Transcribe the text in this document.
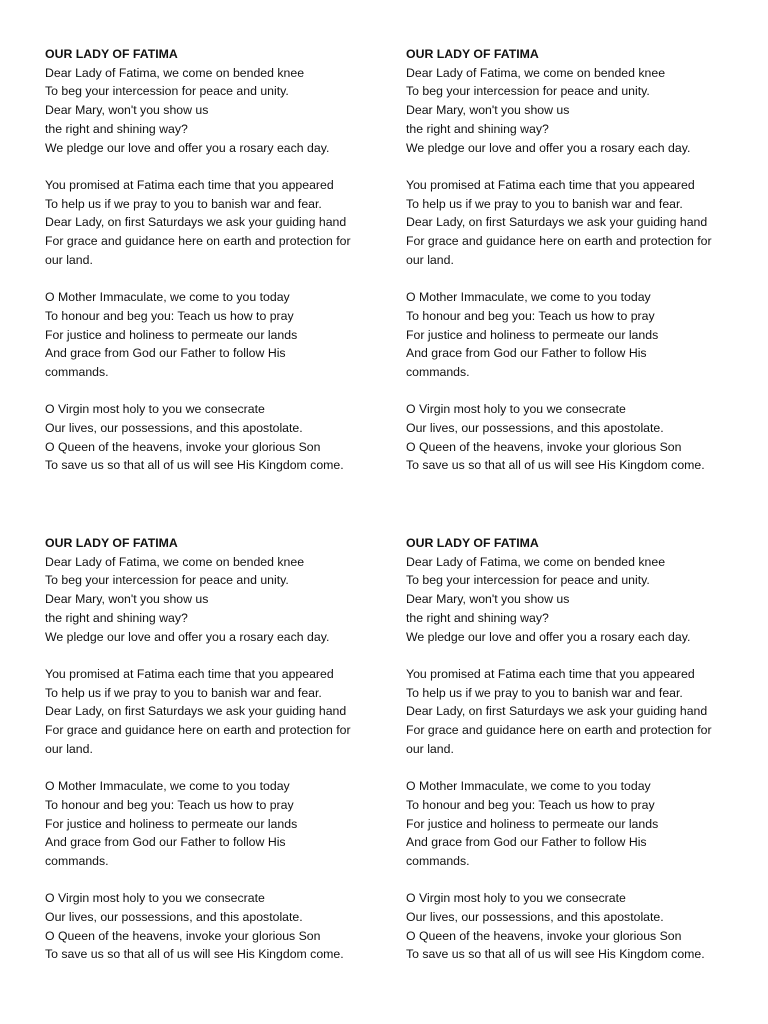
OUR LADY OF FATIMA
Dear Lady of Fatima, we come on bended knee
To beg your intercession for peace and unity.
Dear Mary, won't you show us
the right and shining way?
We pledge our love and offer you a rosary each day.
You promised at Fatima each time that you appeared
To help us if we pray to you to banish war and fear.
Dear Lady, on first Saturdays we ask your guiding hand
For grace and guidance here on earth and protection for
our land.
O Mother Immaculate, we come to you today
To honour and beg you: Teach us how to pray
For justice and holiness to permeate our lands
And grace from God our Father to follow His
commands.
O Virgin most holy to you we consecrate
Our lives, our possessions, and this apostolate.
O Queen of the heavens, invoke your glorious Son
To save us so that all of us will see His Kingdom come.
OUR LADY OF FATIMA
Dear Lady of Fatima, we come on bended knee
To beg your intercession for peace and unity.
Dear Mary, won't you show us
the right and shining way?
We pledge our love and offer you a rosary each day.
You promised at Fatima each time that you appeared
To help us if we pray to you to banish war and fear.
Dear Lady, on first Saturdays we ask your guiding hand
For grace and guidance here on earth and protection for
our land.
O Mother Immaculate, we come to you today
To honour and beg you: Teach us how to pray
For justice and holiness to permeate our lands
And grace from God our Father to follow His
commands.
O Virgin most holy to you we consecrate
Our lives, our possessions, and this apostolate.
O Queen of the heavens, invoke your glorious Son
To save us so that all of us will see His Kingdom come.
OUR LADY OF FATIMA
Dear Lady of Fatima, we come on bended knee
To beg your intercession for peace and unity.
Dear Mary, won't you show us
the right and shining way?
We pledge our love and offer you a rosary each day.
You promised at Fatima each time that you appeared
To help us if we pray to you to banish war and fear.
Dear Lady, on first Saturdays we ask your guiding hand
For grace and guidance here on earth and protection for
our land.
O Mother Immaculate, we come to you today
To honour and beg you: Teach us how to pray
For justice and holiness to permeate our lands
And grace from God our Father to follow His
commands.
O Virgin most holy to you we consecrate
Our lives, our possessions, and this apostolate.
O Queen of the heavens, invoke your glorious Son
To save us so that all of us will see His Kingdom come.
OUR LADY OF FATIMA
Dear Lady of Fatima, we come on bended knee
To beg your intercession for peace and unity.
Dear Mary, won't you show us
the right and shining way?
We pledge our love and offer you a rosary each day.
You promised at Fatima each time that you appeared
To help us if we pray to you to banish war and fear.
Dear Lady, on first Saturdays we ask your guiding hand
For grace and guidance here on earth and protection for
our land.
O Mother Immaculate, we come to you today
To honour and beg you: Teach us how to pray
For justice and holiness to permeate our lands
And grace from God our Father to follow His
commands.
O Virgin most holy to you we consecrate
Our lives, our possessions, and this apostolate.
O Queen of the heavens, invoke your glorious Son
To save us so that all of us will see His Kingdom come.
